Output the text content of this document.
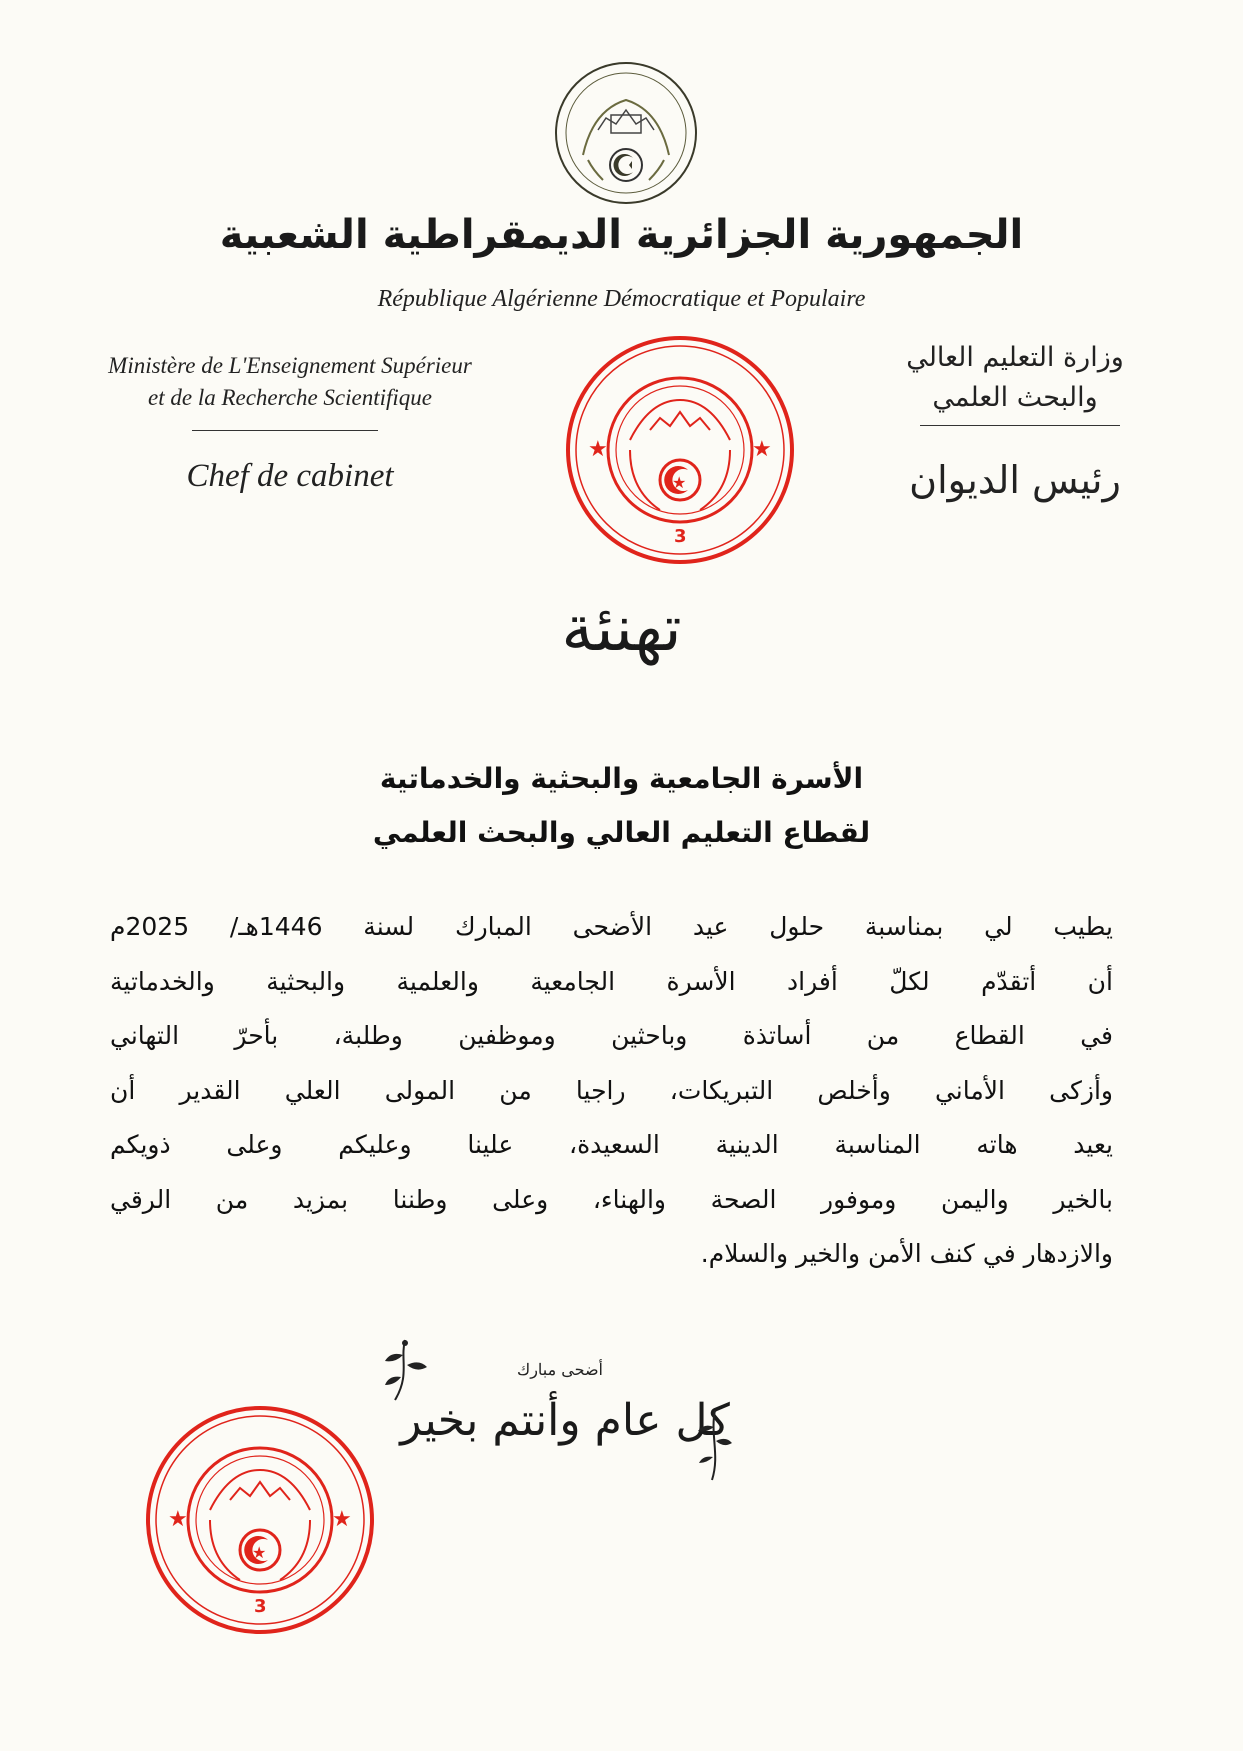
الجمهورية الجزائرية الديمقراطية الشعبية
République Algérienne Démocratique et Populaire
Ministère de L'Enseignement Supérieur
et de la Recherche Scientifique
Chef de cabinet
وزارة التعليم العالي
والبحث العلمي
رئيس الديوان
★	★
3
★
تهنئة
الأسرة الجامعية والبحثية والخدماتية
لقطاع التعليم العالي والبحث العلمي
يطيب لي بمناسبة حلول عيد الأضحى المبارك لسنة 1446هـ/ 2025م
أن أتقدّم لكلّ أفراد الأسرة الجامعية والعلمية والبحثية والخدماتية
في القطاع من أساتذة وباحثين وموظفين وطلبة، بأحرّ التهاني
وأزكى الأماني وأخلص التبريكات، راجيا من المولى العلي القدير أن
يعيد هاته المناسبة الدينية السعيدة، علينا وعليكم وعلى ذويكم
بالخير واليمن وموفور الصحة والهناء، وعلى وطننا بمزيد من الرقي
والازدهار في كنف الأمن والخير والسلام.
أضحى مبارك
كل عام وأنتم بخير
★	★
3
★
